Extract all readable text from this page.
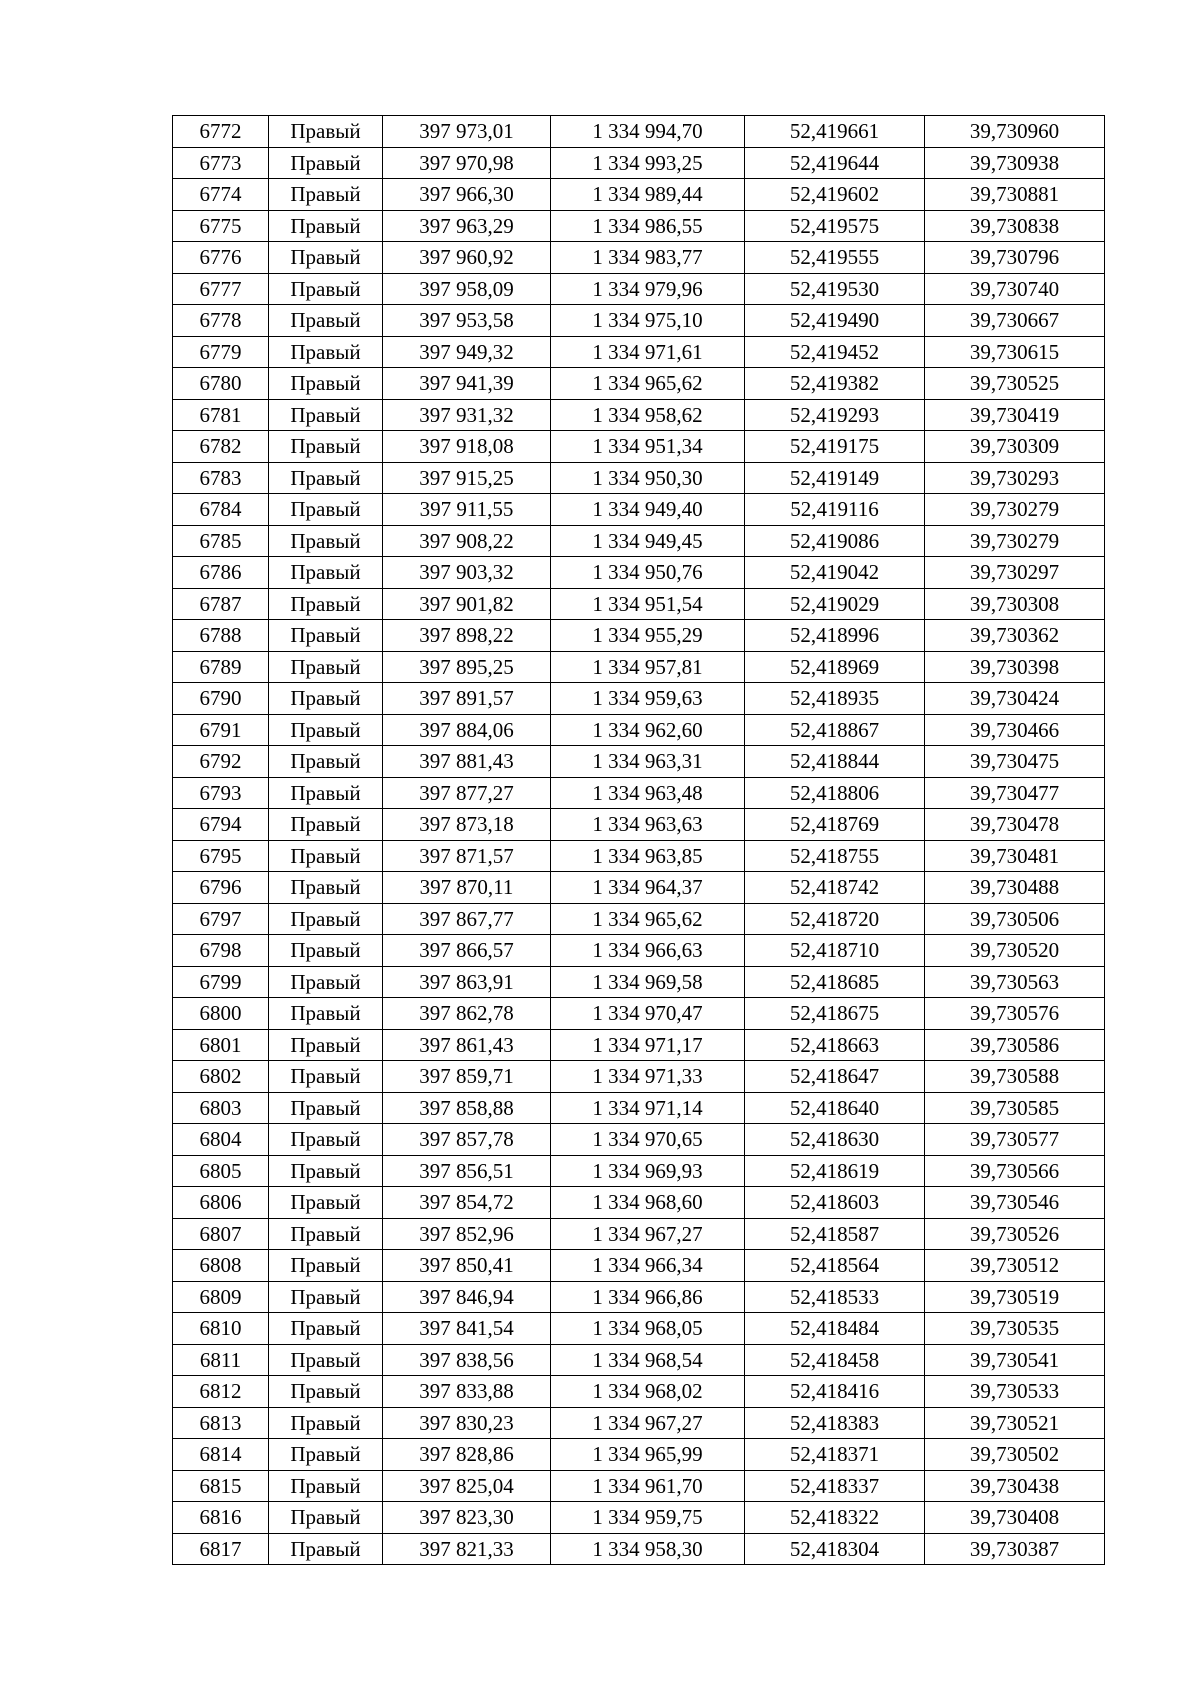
6772	Правый	397 973,01	1 334 994,70	52,419661	39,730960
6773	Правый	397 970,98	1 334 993,25	52,419644	39,730938
6774	Правый	397 966,30	1 334 989,44	52,419602	39,730881
6775	Правый	397 963,29	1 334 986,55	52,419575	39,730838
6776	Правый	397 960,92	1 334 983,77	52,419555	39,730796
6777	Правый	397 958,09	1 334 979,96	52,419530	39,730740
6778	Правый	397 953,58	1 334 975,10	52,419490	39,730667
6779	Правый	397 949,32	1 334 971,61	52,419452	39,730615
6780	Правый	397 941,39	1 334 965,62	52,419382	39,730525
6781	Правый	397 931,32	1 334 958,62	52,419293	39,730419
6782	Правый	397 918,08	1 334 951,34	52,419175	39,730309
6783	Правый	397 915,25	1 334 950,30	52,419149	39,730293
6784	Правый	397 911,55	1 334 949,40	52,419116	39,730279
6785	Правый	397 908,22	1 334 949,45	52,419086	39,730279
6786	Правый	397 903,32	1 334 950,76	52,419042	39,730297
6787	Правый	397 901,82	1 334 951,54	52,419029	39,730308
6788	Правый	397 898,22	1 334 955,29	52,418996	39,730362
6789	Правый	397 895,25	1 334 957,81	52,418969	39,730398
6790	Правый	397 891,57	1 334 959,63	52,418935	39,730424
6791	Правый	397 884,06	1 334 962,60	52,418867	39,730466
6792	Правый	397 881,43	1 334 963,31	52,418844	39,730475
6793	Правый	397 877,27	1 334 963,48	52,418806	39,730477
6794	Правый	397 873,18	1 334 963,63	52,418769	39,730478
6795	Правый	397 871,57	1 334 963,85	52,418755	39,730481
6796	Правый	397 870,11	1 334 964,37	52,418742	39,730488
6797	Правый	397 867,77	1 334 965,62	52,418720	39,730506
6798	Правый	397 866,57	1 334 966,63	52,418710	39,730520
6799	Правый	397 863,91	1 334 969,58	52,418685	39,730563
6800	Правый	397 862,78	1 334 970,47	52,418675	39,730576
6801	Правый	397 861,43	1 334 971,17	52,418663	39,730586
6802	Правый	397 859,71	1 334 971,33	52,418647	39,730588
6803	Правый	397 858,88	1 334 971,14	52,418640	39,730585
6804	Правый	397 857,78	1 334 970,65	52,418630	39,730577
6805	Правый	397 856,51	1 334 969,93	52,418619	39,730566
6806	Правый	397 854,72	1 334 968,60	52,418603	39,730546
6807	Правый	397 852,96	1 334 967,27	52,418587	39,730526
6808	Правый	397 850,41	1 334 966,34	52,418564	39,730512
6809	Правый	397 846,94	1 334 966,86	52,418533	39,730519
6810	Правый	397 841,54	1 334 968,05	52,418484	39,730535
6811	Правый	397 838,56	1 334 968,54	52,418458	39,730541
6812	Правый	397 833,88	1 334 968,02	52,418416	39,730533
6813	Правый	397 830,23	1 334 967,27	52,418383	39,730521
6814	Правый	397 828,86	1 334 965,99	52,418371	39,730502
6815	Правый	397 825,04	1 334 961,70	52,418337	39,730438
6816	Правый	397 823,30	1 334 959,75	52,418322	39,730408
6817	Правый	397 821,33	1 334 958,30	52,418304	39,730387
